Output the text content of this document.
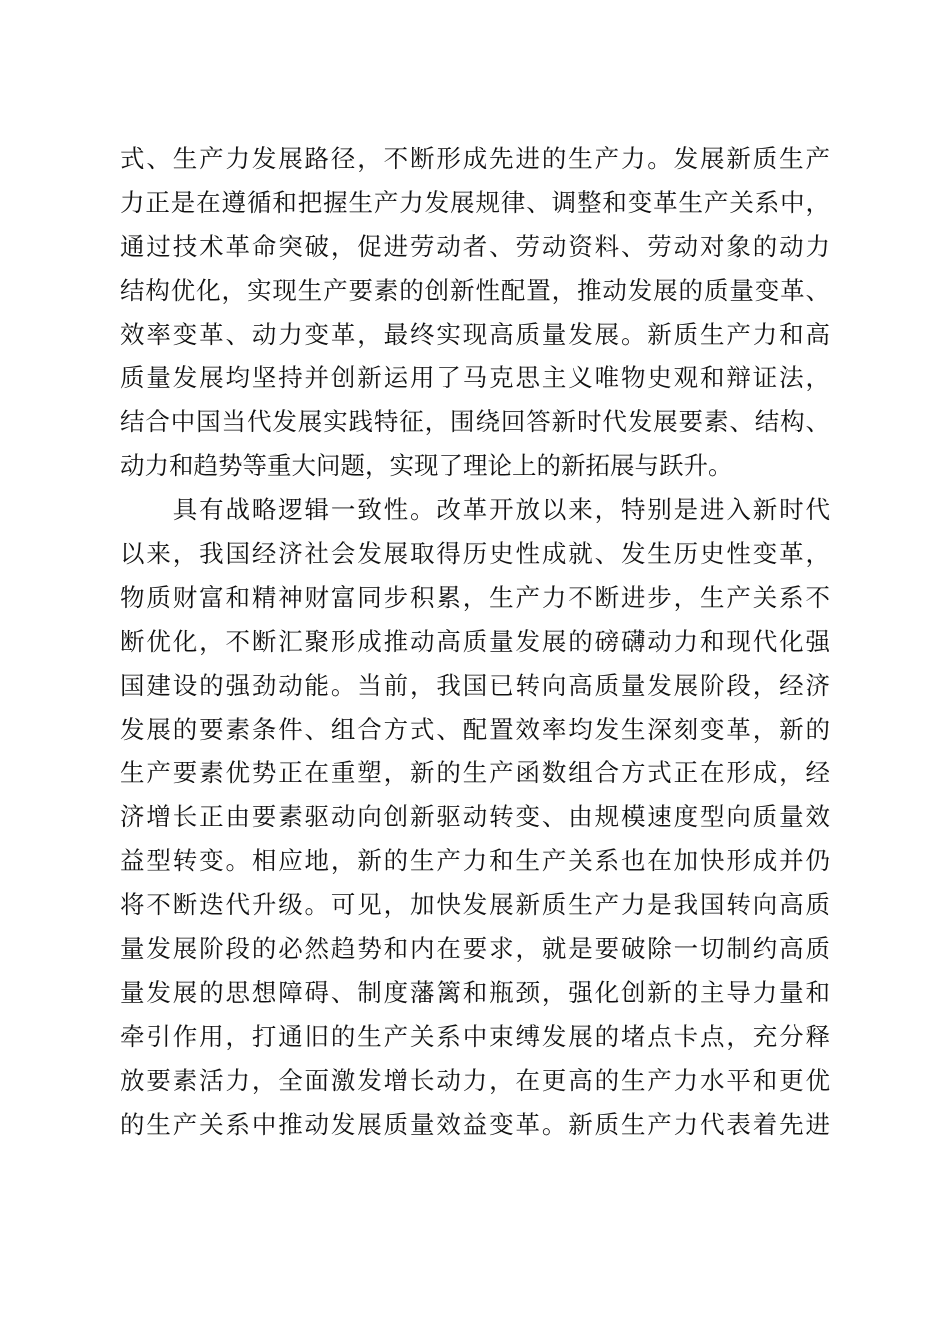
式、生产力发展路径，不断形成先进的生产力。发展新质生产
力正是在遵循和把握生产力发展规律、调整和变革生产关系中，
通过技术革命突破，促进劳动者、劳动资料、劳动对象的动力
结构优化，实现生产要素的创新性配置，推动发展的质量变革、
效率变革、动力变革，最终实现高质量发展。新质生产力和高
质量发展均坚持并创新运用了马克思主义唯物史观和辩证法，
结合中国当代发展实践特征，围绕回答新时代发展要素、结构、
动力和趋势等重大问题，实现了理论上的新拓展与跃升。
　　具有战略逻辑一致性。改革开放以来，特别是进入新时代
以来，我国经济社会发展取得历史性成就、发生历史性变革，
物质财富和精神财富同步积累，生产力不断进步，生产关系不
断优化，不断汇聚形成推动高质量发展的磅礴动力和现代化强
国建设的强劲动能。当前，我国已转向高质量发展阶段，经济
发展的要素条件、组合方式、配置效率均发生深刻变革，新的
生产要素优势正在重塑，新的生产函数组合方式正在形成，经
济增长正由要素驱动向创新驱动转变、由规模速度型向质量效
益型转变。相应地，新的生产力和生产关系也在加快形成并仍
将不断迭代升级。可见，加快发展新质生产力是我国转向高质
量发展阶段的必然趋势和内在要求，就是要破除一切制约高质
量发展的思想障碍、制度藩篱和瓶颈，强化创新的主导力量和
牵引作用，打通旧的生产关系中束缚发展的堵点卡点，充分释
放要素活力，全面激发增长动力，在更高的生产力水平和更优
的生产关系中推动发展质量效益变革。新质生产力代表着先进
